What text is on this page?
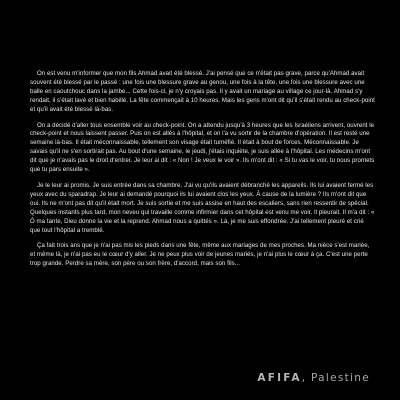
On est venu m'informer que mon fils Ahmad avait été blessé. J'ai pensé que ce n'était pas grave, parce qu'Ahmad avait souvent été blessé par le passé : une fois une blessure grave au genou, une fois à la tête, une fois une blessure avec une balle en caoutchouc dans la jambe... Cette fois-ci, je n'y croyais pas. Il y avait un mariage au village ce jour-là. Ahmad s'y rendait, il s'était lavé et bien habillé. La fête commençait à 10 heures. Mais les gens m'ont dit qu'il s'était rendu au check-point et qu'il avait été blessé là-bas.

On a décidé d'aller tous ensemble voir au check-point. On a attendu jusqu'à 3 heures que les Israéliens arrivent, ouvrent le check-point et nous laissent passer. Puis on est allés à l'hôpital, et on l'a vu sortir de la chambre d'opération. Il est resté une semaine là-bas. Il était méconnaissable, tellement son visage était tuméfié. Il était à bout de forces. Méconnaissable. Je savais qu'il ne s'en sortirait pas. Au bout d'une semaine, le jeudi, j'étais inquiète, je suis allée à l'hôpital. Les médecins m'ont dit que je n'avais pas le droit d'entrer. Je leur ai dit : « Non ! Je veux le voir ». Ils m'ont dit : « Si tu vas le voir, tu nous promets que tu pars ensuite ».

Je le leur ai promis. Je suis entrée dans sa chambre. J'ai vu qu'ils avaient débranché les appareils. Ils lui avaient fermé les yeux avec du sparadrap. Je leur ai demandé pourquoi ils lui avaient clos les yeux. À cause de la lumière ? Ils m'ont dit que oui. Ils ne m'ont pas dit qu'il était mort. Je suis sortie et me suis assise en haut des escaliers, sans rien ressentir de spécial. Quelques instants plus tard, mon neveu qui travaille comme infirmier dans cet hôpital est venu me voir. Il pleurait. Il m'a dit : « Ô ma tante, Dieu donne la vie et la reprend. Ahmad nous a quittés ». Là, je me suis effondrée. J'ai tellement pleuré et crié que tout l'hôpital a tremblé.

Ça fait trois ans que je n'ai pas mis les pieds dans une fête, même aux mariages de mes proches. Ma nièce s'est mariée, et même là, je n'ai pas eu le cœur d'y aller. Je ne peux plus voir de jeunes mariés, je n'ai plus le cœur à ça. C'est une perte trop grande. Perdre sa mère, son père ou son frère, d'accord, mais son fils...

AFIFA, Palestine
